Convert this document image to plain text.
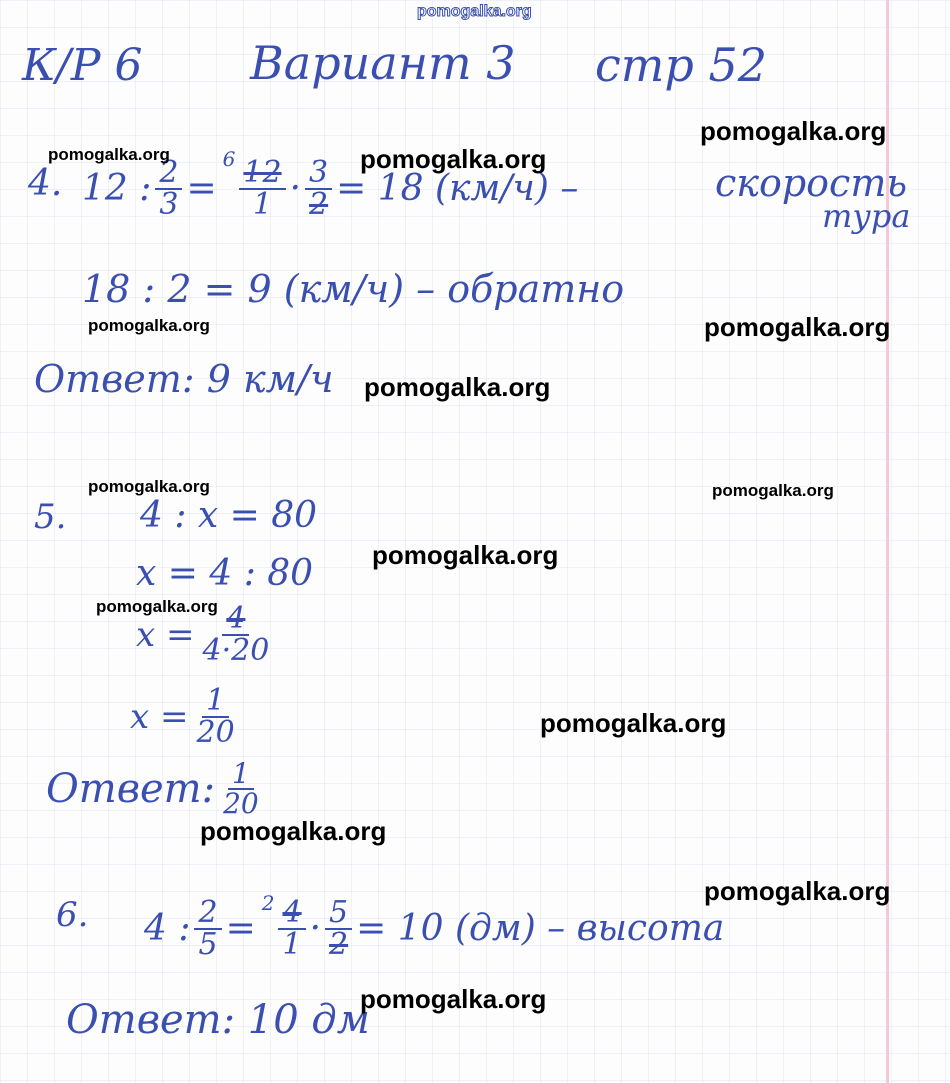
К/Р 6 Вариант 3 стр 52
4. 12 : $\frac{2}{3}$ =
$6 \frac{12}{1} \cdot \frac{3}{2} = 18$ (км/ч) –	скорость
тура
18 : 2 = 9 (км/ч) – обратно
Ответ: 9 км/ч
5. 4 : x = 80
x = 4 : 80
$x = \frac{4}{4\cdot 20}$
$x = \frac{1}{20}$
Ответ: $\frac{1}{20}$
6. 4 : $\frac{2}{5}$ =
$2 \frac{4}{1} \cdot \frac{5}{2} = 10$ (дм) – высота
Ответ: 10 дм
pomogalka.org
pomogalka.org
pomogalka.org	pomogalka.org
pomogalka.org	pomogalka.org
pomogalka.org
pomogalka.org	pomogalka.org
pomogalka.org
pomogalka.org
pomogalka.org
pomogalka.org
pomogalka.org
pomogalka.org
